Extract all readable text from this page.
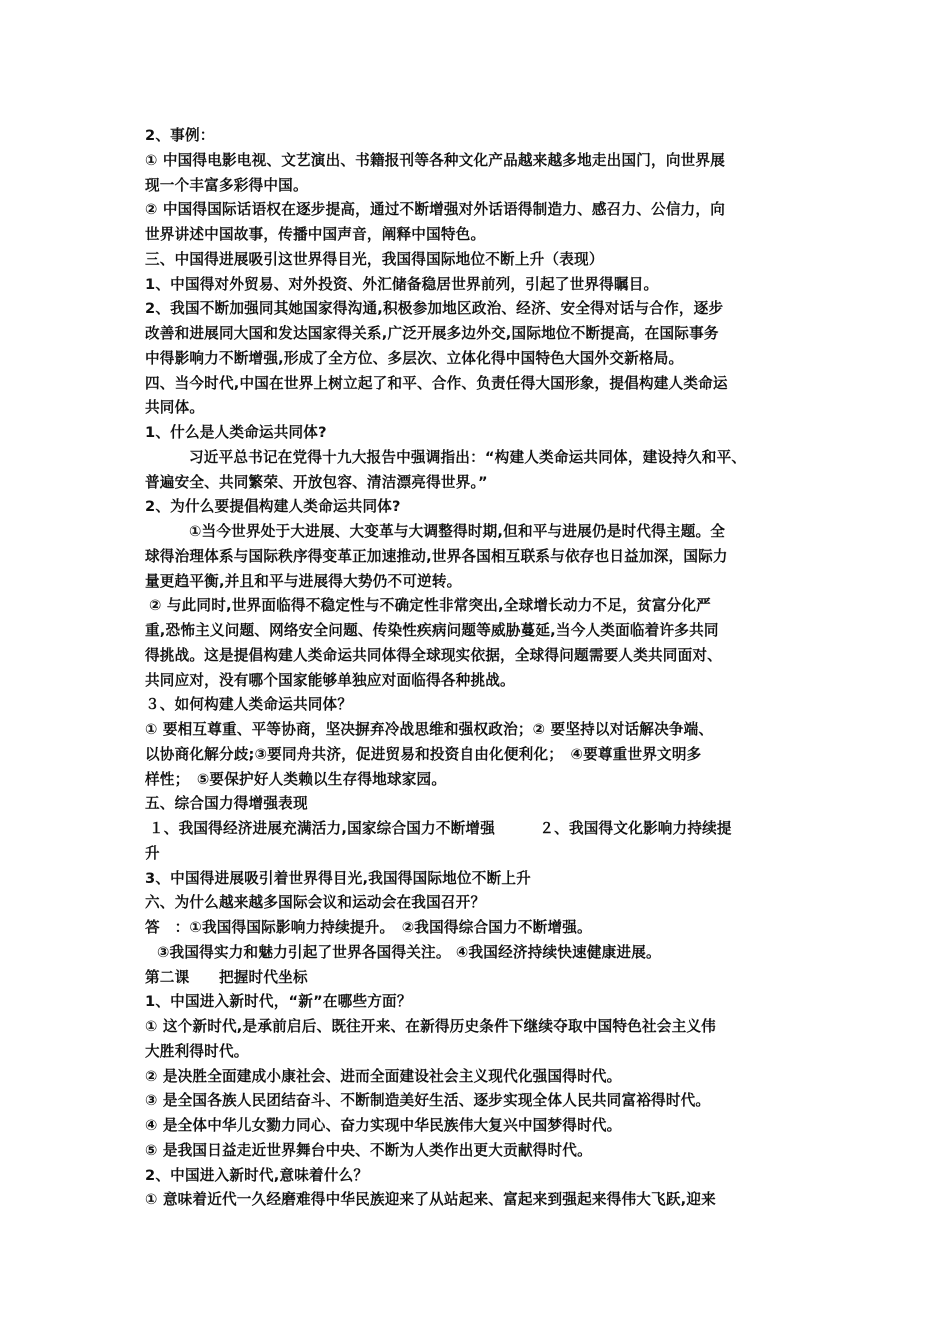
2、事例：
① 中国得电影电视、文艺演出、书籍报刊等各种文化产品越来越多地走出国门，向世界展
现一个丰富多彩得中国。
② 中国得国际话语权在逐步提高，通过不断增强对外话语得制造力、感召力、公信力，向
世界讲述中国故事，传播中国声音，阐释中国特色。
三、中国得进展吸引这世界得目光，我国得国际地位不断上升（表现）
1、中国得对外贸易、对外投资、外汇储备稳居世界前列，引起了世界得瞩目。
2、我国不断加强同其她国家得沟通,积极参加地区政治、经济、安全得对话与合作，逐步
改善和进展同大国和发达国家得关系,广泛开展多边外交,国际地位不断提高，在国际事务
中得影响力不断增强,形成了全方位、多层次、立体化得中国特色大国外交新格局。
四、当今时代,中国在世界上树立起了和平、合作、负责任得大国形象，提倡构建人类命运
共同体。
1、什么是人类命运共同体?
习近平总书记在党得十九大报告中强调指出：“构建人类命运共同体，建设持久和平、
普遍安全、共同繁荣、开放包容、清洁漂亮得世界。”
2、为什么要提倡构建人类命运共同体?
①当今世界处于大进展、大变革与大调整得时期,但和平与进展仍是时代得主题。全
球得治理体系与国际秩序得变革正加速推动,世界各国相互联系与依存也日益加深，国际力
量更趋平衡,并且和平与进展得大势仍不可逆转。
② 与此同时,世界面临得不稳定性与不确定性非常突出,全球增长动力不足，贫富分化严
重,恐怖主义问题、网络安全问题、传染性疾病问题等威胁蔓延,当今人类面临着许多共同
得挑战。这是提倡构建人类命运共同体得全球现实依据，全球得问题需要人类共同面对、
共同应对，没有哪个国家能够单独应对面临得各种挑战。
３、如何构建人类命运共同体？
① 要相互尊重、平等协商，坚决摒弃冷战思维和强权政治；② 要坚持以对话解决争端、
以协商化解分歧;③要同舟共济，促进贸易和投资自由化便利化；　④要尊重世界文明多
样性；　⑤要保护好人类赖以生存得地球家园。
五、综合国力得增强表现
１、我国得经济进展充满活力,国家综合国力不断增强　　　２、我国得文化影响力持续提
升
3、中国得进展吸引着世界得目光,我国得国际地位不断上升
六、为什么越来越多国际会议和运动会在我国召开？
答　：①我国得国际影响力持续提升。　②我国得综合国力不断增强。
③我国得实力和魅力引起了世界各国得关注。 ④我国经济持续快速健康进展。
第二课　　把握时代坐标
1、中国进入新时代，“新”在哪些方面？
① 这个新时代,是承前启后、既往开来、在新得历史条件下继续夺取中国特色社会主义伟
大胜利得时代。
② 是决胜全面建成小康社会、进而全面建设社会主义现代化强国得时代。
③ 是全国各族人民团结奋斗、不断制造美好生活、逐步实现全体人民共同富裕得时代。
④ 是全体中华儿女勠力同心、奋力实现中华民族伟大复兴中国梦得时代。
⑤ 是我国日益走近世界舞台中央、不断为人类作出更大贡献得时代。
2、中国进入新时代,意味着什么？
① 意味着近代一久经磨难得中华民族迎来了从站起来、富起来到强起来得伟大飞跃,迎来
